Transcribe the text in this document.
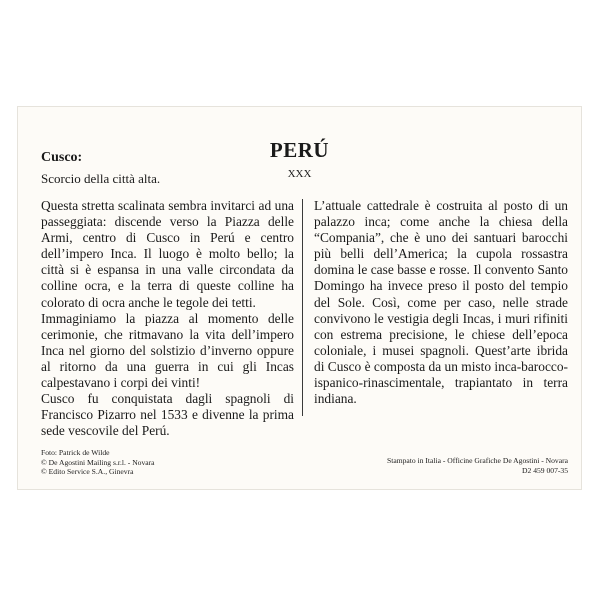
PERÚ
XXX
Cusco:
Scorcio della città alta.

Questa stretta scalinata sembra invitarci ad una passeggiata: discende verso la Piazza delle Armi, centro di Cusco in Perú e centro dell’impero Inca. Il luogo è molto bello; la città si è espansa in una valle circondata da colline ocra, e la terra di queste colline ha colorato di ocra anche le tegole dei tetti.

Immaginiamo la piazza al momento delle cerimonie, che ritmavano la vita dell’impero Inca nel giorno del solstizio d’inverno oppure al ritorno da una guerra in cui gli Incas calpestavano i corpi dei vinti!

Cusco fu conquistata dagli spagnoli di Francisco Pizarro nel 1533 e divenne la prima sede vescovile del Perú.

L’attuale cattedrale è costruita al posto di un palazzo inca; come anche la chiesa della “Compania”, che è uno dei santuari barocchi più belli dell’America; la cupola rossastra domina le case basse e rosse. Il convento Santo Domingo ha invece preso il posto del tempio del Sole. Così, come per caso, nelle strade convivono le vestigia degli Incas, i muri rifiniti con estrema precisione, le chiese dell’epoca coloniale, i musei spagnoli. Quest’arte ibrida di Cusco è composta da un misto inca-barocco-ispanico-rinascimentale, trapiantato in terra indiana.

Foto: Patrick de Wilde
© De Agostini Mailing s.r.l. - Novara
© Edito Service S.A., Ginevra
Stampato in Italia - Officine Grafiche De Agostini - Novara
D2 459 007-35
